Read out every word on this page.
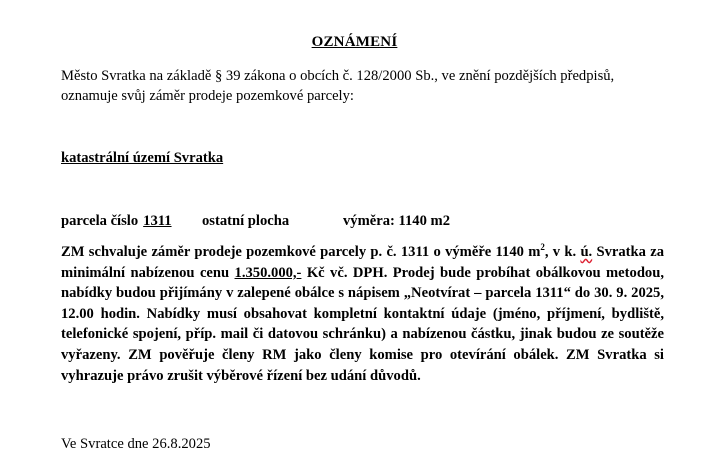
OZNÁMENÍ
Město Svratka na základě § 39 zákona o obcích č. 128/2000 Sb., ve znění pozdějších předpisů, oznamuje svůj záměr prodeje pozemkové parcely:
katastrální území Svratka
parcela číslo 1311 ostatní plocha	výměra: 1140 m2
ZM schvaluje záměr prodeje pozemkové parcely p. č. 1311 o výměře 1140 $m^2$, v k. ú. Svratka za minimální nabízenou cenu 1.350.000,- Kč vč. DPH. Prodej bude probíhat obálkovou metodou, nabídky budou přijímány v zalepené obálce s nápisem „Neotvírat – parcela 1311“ do 30. 9. 2025, 12.00 hodin. Nabídky musí obsahovat kompletní kontaktní údaje (jméno, příjmení, bydliště, telefonické spojení, příp. mail či datovou schránku) a nabízenou částku, jinak budou ze soutěže vyřazeny. ZM pověřuje členy RM jako členy komise pro otevírání obálek. ZM Svratka si vyhrazuje právo zrušit výběrové řízení bez udání důvodů.
Ve Svratce dne 26.8.2025
